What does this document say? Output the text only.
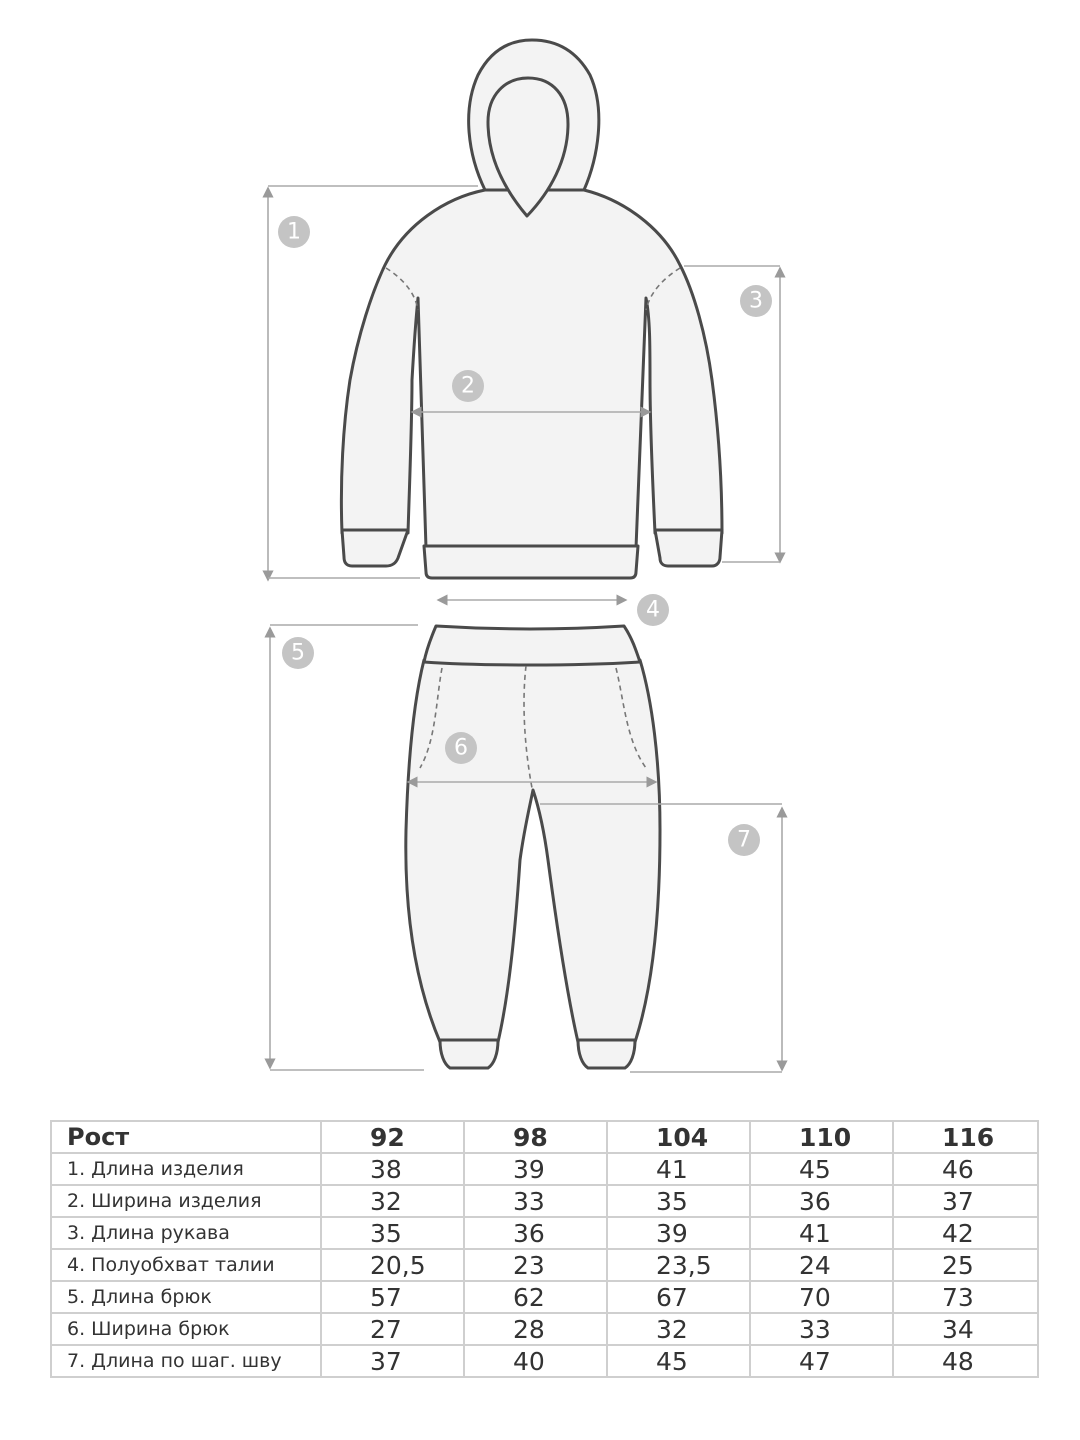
1
2
3
4
5
6
7
Рост	92	98	104	110	116
1. Длина изделия	38	39	41	45	46
2. Ширина изделия	32	33	35	36	37
3. Длина рукава	35	36	39	41	42
4. Полуобхват талии	20,5	23	23,5	24	25
5. Длина брюк	57	62	67	70	73
6. Ширина брюк	27	28	32	33	34
7. Длина по шаг. шву	37	40	45	47	48
